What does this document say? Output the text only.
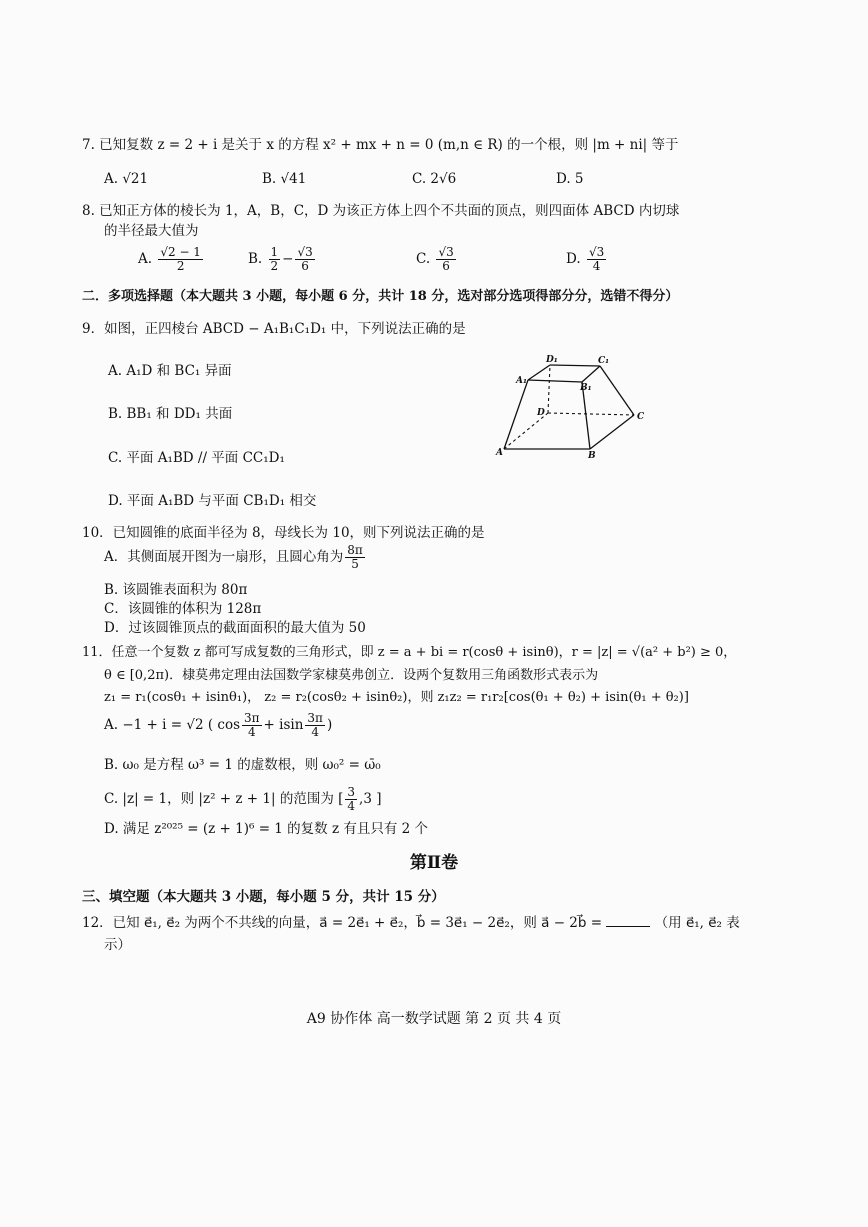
7. 已知复数 z = 2 + i 是关于 x 的方程 x² + mx + n = 0 (m,n ∈ R) 的一个根，则 |m + ni| 等于
A. √21	B. √41	C. 2√6	D. 5
8. 已知正方体的棱长为 1，A，B，C，D 为该正方体上四个不共面的顶点，则四面体 ABCD 内切球
的半径最大值为
A. $\frac{√2 - 1}{2}$	B. $\frac{1}{2} - \frac{√3}{6}$	C. $\frac{√3}{6}$	D. $\frac{√3}{4}$
二．多项选择题（本大题共 3 小题，每小题 6 分，共计 18 分，选对部分选项得部分分，选错不得分）
9．如图，正四棱台 ABCD − A₁B₁C₁D₁ 中，下列说法正确的是
A. A₁D 和 BC₁ 异面
B. BB₁ 和 DD₁ 共面
C. 平面 A₁BD // 平面 CC₁D₁
D. 平面 A₁BD 与平面 CB₁D₁ 相交
D₁	C₁
A₁
B₁
D	C
A	B
10．已知圆锥的底面半径为 8，母线长为 10，则下列说法正确的是
A．其侧面展开图为一扇形，且圆心角为 $\frac{8\pi}{5}$
B. 该圆锥表面积为 80π
C．该圆锥的体积为 128π
D．过该圆锥顶点的截面面积的最大值为 50
11．任意一个复数 z 都可写成复数的三角形式，即 z = a + bi = r(cosθ + isinθ)，r = |z| = √(a² + b²) ≥ 0，
θ ∈ [0,2π)．棣莫弗定理由法国数学家棣莫弗创立．设两个复数用三角函数形式表示为
z₁ = r₁(cosθ₁ + isinθ₁)， z₂ = r₂(cosθ₂ + isinθ₂)，则 z₁z₂ = r₁r₂[cos(θ₁ + θ₂) + isin(θ₁ + θ₂)]
A. −1 + i = √2 ( $\cos \frac{3\pi}{4} + isin \frac{3\pi}{4}$ )
B. ω₀ 是方程 ω³ = 1 的虚数根，则 ω₀² = ω̄₀
C. |z| = 1，则 |z² + z + 1| 的范围为 [ $\frac{3}{4} ,3$ ]
D. 满足 z²⁰²⁵ = (z + 1)⁶ = 1 的复数 z 有且只有 2 个
第Ⅱ卷
三、填空题（本大题共 3 小题，每小题 5 分，共计 15 分）
12．已知 e⃗₁, e⃗₂ 为两个不共线的向量，a⃗ = 2e⃗₁ + e⃗₂，b⃗ = 3e⃗₁ − 2e⃗₂，则 a⃗ − 2b⃗ =	（用 e⃗₁, e⃗₂ 表
示）
A9 协作体 高一数学试题 第 2 页 共 4 页
